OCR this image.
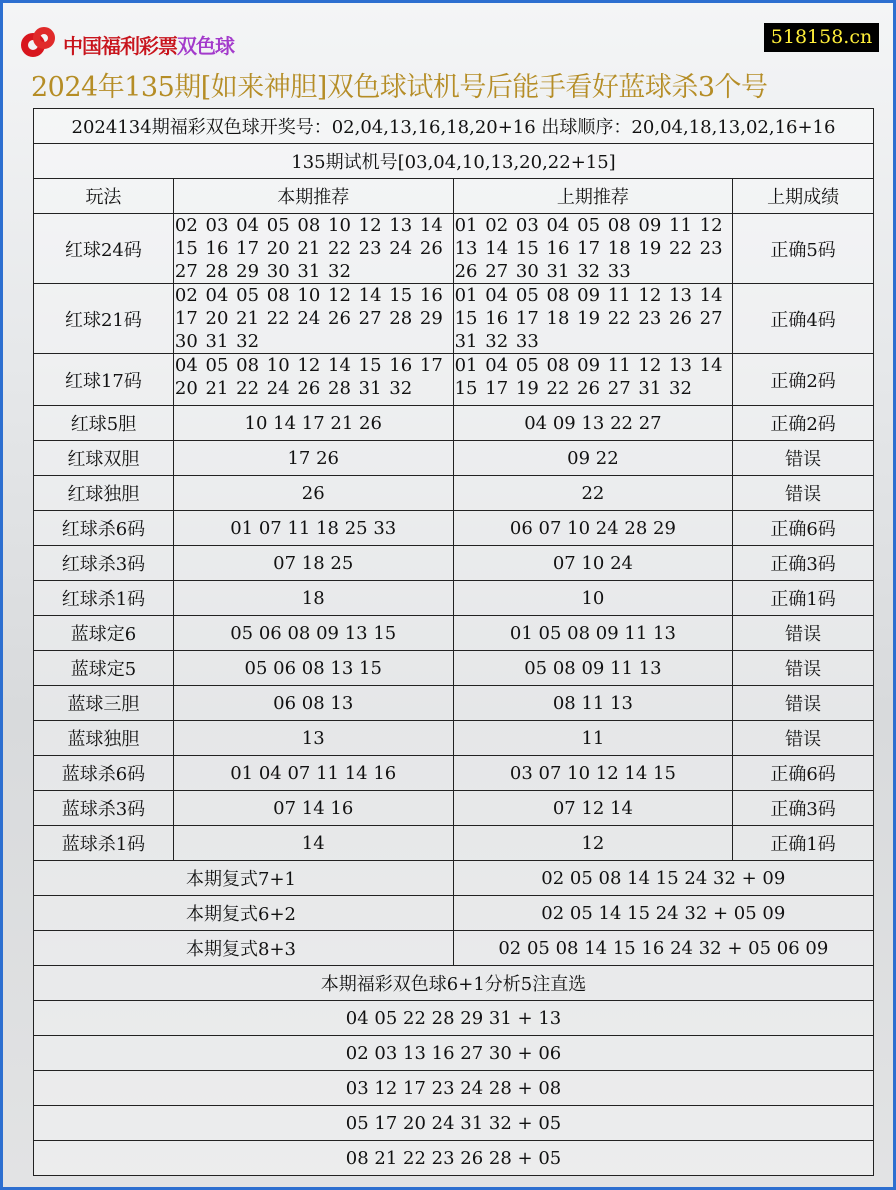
中国福利彩票双色球	518158.cn
2024年135期[如来神胆]双色球试机号后能手看好蓝球杀3个号
2024134期福彩双色球开奖号：02,04,13,16,18,20+16 出球顺序：20,04,18,13,02,16+16			
135期试机号[03,04,10,13,20,22+15]			
玩法	本期推荐	上期推荐	上期成绩
红球24码	02 03 04 05 08 10 12 13 14
15 16 17 20 21 22 23 24 26
27 28 29 30 31 32	01 02 03 04 05 08 09 11 12
13 14 15 16 17 18 19 22 23
26 27 30 31 32 33	正确5码
红球21码	02 04 05 08 10 12 14 15 16
17 20 21 22 24 26 27 28 29
30 31 32	01 04 05 08 09 11 12 13 14
15 16 17 18 19 22 23 26 27
31 32 33	正确4码
红球17码	04 05 08 10 12 14 15 16 17
20 21 22 24 26 28 31 32	01 04 05 08 09 11 12 13 14
15 17 19 22 26 27 31 32	正确2码
红球5胆	10 14 17 21 26	04 09 13 22 27	正确2码
红球双胆	17 26	09 22	错误
红球独胆	26	22	错误
红球杀6码	01 07 11 18 25 33	06 07 10 24 28 29	正确6码
红球杀3码	07 18 25	07 10 24	正确3码
红球杀1码	18	10	正确1码
蓝球定6	05 06 08 09 13 15	01 05 08 09 11 13	错误
蓝球定5	05 06 08 13 15	05 08 09 11 13	错误
蓝球三胆	06 08 13	08 11 13	错误
蓝球独胆	13	11	错误
蓝球杀6码	01 04 07 11 14 16	03 07 10 12 14 15	正确6码
蓝球杀3码	07 14 16	07 12 14	正确3码
蓝球杀1码	14	12	正确1码
本期复式7+1		02 05 08 14 15 24 32 + 09	
本期复式6+2		02 05 14 15 24 32 + 05 09	
本期复式8+3		02 05 08 14 15 16 24 32 + 05 06 09	
本期福彩双色球6+1分析5注直选			
04 05 22 28 29 31 + 13			
02 03 13 16 27 30 + 06			
03 12 17 23 24 28 + 08			
05 17 20 24 31 32 + 05			
08 21 22 23 26 28 + 05			
